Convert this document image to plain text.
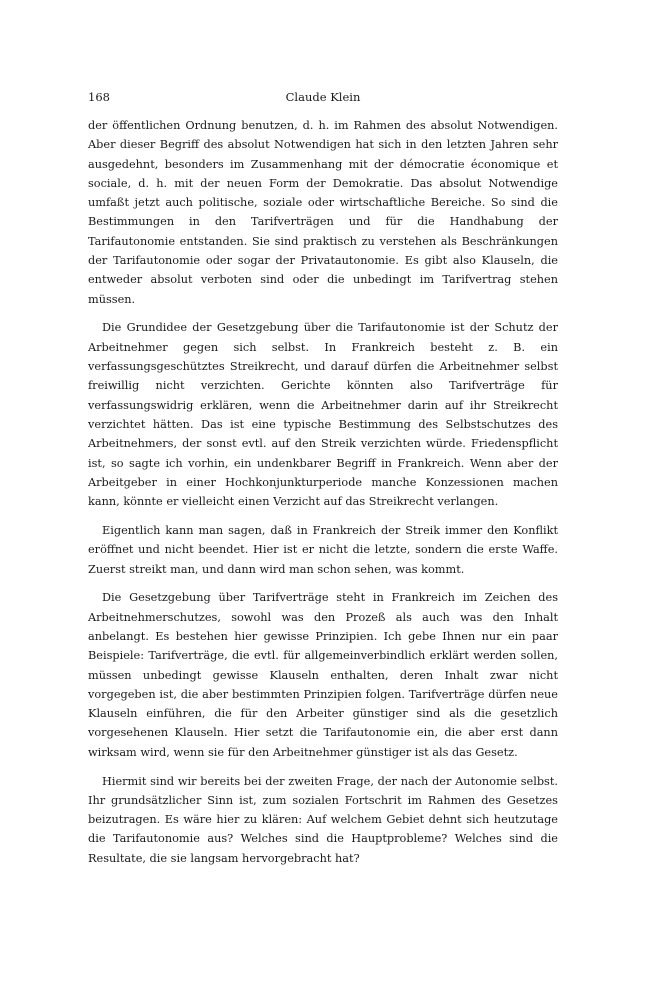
168	Claude Klein

der öffentlichen Ordnung benutzen, d. h. im Rahmen des absolut Notwendigen. Aber dieser Begriff des absolut Notwendigen hat sich in den letzten Jahren sehr ausgedehnt, besonders im Zusammenhang mit der démocratie économique et sociale, d. h. mit der neuen Form der Demokratie. Das absolut Notwendige umfaßt jetzt auch politische, soziale oder wirtschaftliche Bereiche. So sind die Bestimmungen in den Tarifverträgen und für die Handhabung der Tarifautonomie entstanden. Sie sind praktisch zu verstehen als Beschränkungen der Tarifautonomie oder sogar der Privatautonomie. Es gibt also Klauseln, die entweder absolut verboten sind oder die unbedingt im Tarifvertrag stehen müssen.

Die Grundidee der Gesetzgebung über die Tarifautonomie ist der Schutz der Arbeitnehmer gegen sich selbst. In Frankreich besteht z. B. ein verfassungsgeschütztes Streikrecht, und darauf dürfen die Arbeitnehmer selbst freiwillig nicht verzichten. Gerichte könnten also Tarifverträge für verfassungswidrig erklären, wenn die Arbeitnehmer darin auf ihr Streikrecht verzichtet hätten. Das ist eine typische Bestimmung des Selbstschutzes des Arbeitnehmers, der sonst evtl. auf den Streik verzichten würde. Friedenspflicht ist, so sagte ich vorhin, ein undenkbarer Begriff in Frankreich. Wenn aber der Arbeitgeber in einer Hochkonjunkturperiode manche Konzessionen machen kann, könnte er vielleicht einen Verzicht auf das Streikrecht verlangen.

Eigentlich kann man sagen, daß in Frankreich der Streik immer den Konflikt eröffnet und nicht beendet. Hier ist er nicht die letzte, sondern die erste Waffe. Zuerst streikt man, und dann wird man schon sehen, was kommt.

Die Gesetzgebung über Tarifverträge steht in Frankreich im Zeichen des Arbeitnehmerschutzes, sowohl was den Prozeß als auch was den Inhalt anbelangt. Es bestehen hier gewisse Prinzipien. Ich gebe Ihnen nur ein paar Beispiele: Tarifverträge, die evtl. für allgemeinverbindlich erklärt werden sollen, müssen unbedingt gewisse Klauseln enthalten, deren Inhalt zwar nicht vorgegeben ist, die aber bestimmten Prinzipien folgen. Tarifverträge dürfen neue Klauseln einführen, die für den Arbeiter günstiger sind als die gesetzlich vorgesehenen Klauseln. Hier setzt die Tarifautonomie ein, die aber erst dann wirksam wird, wenn sie für den Arbeitnehmer günstiger ist als das Gesetz.

Hiermit sind wir bereits bei der zweiten Frage, der nach der Autonomie selbst. Ihr grundsätzlicher Sinn ist, zum sozialen Fortschrit im Rahmen des Gesetzes beizutragen. Es wäre hier zu klären: Auf welchem Gebiet dehnt sich heutzutage die Tarifautonomie aus? Welches sind die Hauptprobleme? Welches sind die Resultate, die sie langsam hervorgebracht hat?
